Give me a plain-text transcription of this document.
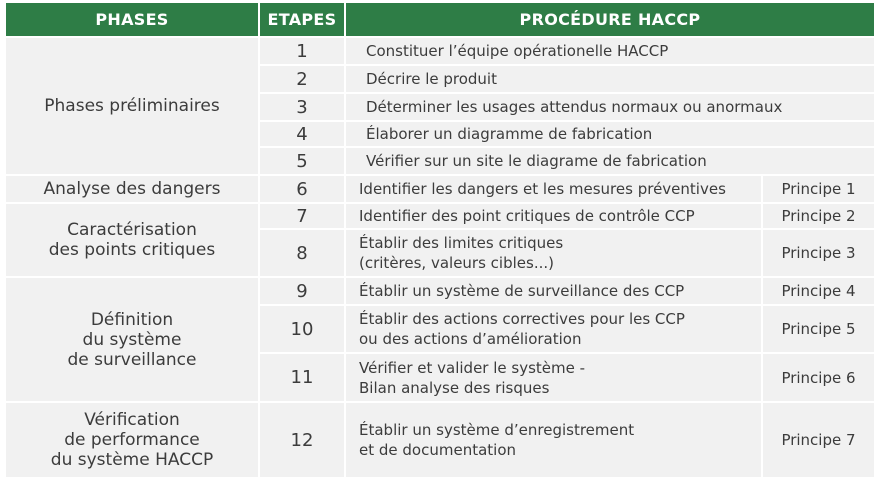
PHASES	ETAPES	PROCÉDURE HACCP
Phases préliminaires
Analyse des dangers
Caractérisation
des points critiques
Définition
du système
de surveillance
Vérification
de performance
du système HACCP
1
2
3
4
5
6
7
8
9
10
11
12
Constituer l’équipe opérationelle HACCP
Décrire le produit
Déterminer les usages attendus normaux ou anormaux
Élaborer un diagramme de fabrication
Vérifier sur un site le diagrame de fabrication
Identifier les dangers et les mesures préventives
Identifier des point critiques de contrôle CCP
Établir des limites critiques
(critères, valeurs cibles...)
Établir un système de surveillance des CCP
Établir des actions correctives pour les CCP
ou des actions d’amélioration
Vérifier et valider le système -
Bilan analyse des risques
Établir un système d’enregistrement
et de documentation
Principe 1
Principe 2
Principe 3
Principe 4
Principe 5
Principe 6
Principe 7
